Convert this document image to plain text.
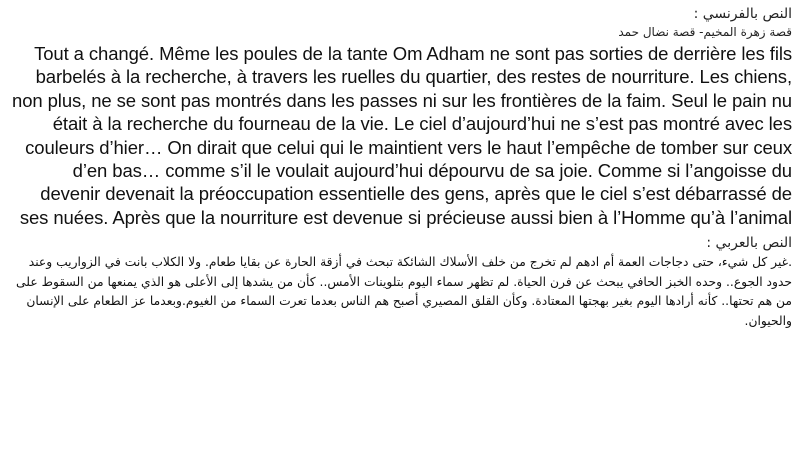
النص بالفرنسي :
قصة زهرة المخيم- قصة نضال حمد

Tout a changé. Même les poules de la tante Om Adham ne sont pas sorties de derrière les fils barbelés à la recherche, à travers les ruelles du quartier, des restes de nourriture. Les chiens, non plus, ne se sont pas montrés dans les passes ni sur les frontières de la faim. Seul le pain nu était à la recherche du fourneau de la vie. Le ciel d’aujourd’hui ne s’est pas montré avec les couleurs d’hier… On dirait que celui qui le maintient vers le haut l’empêche de tomber sur ceux d’en bas… comme s’il le voulait aujourd’hui dépourvu de sa joie. Comme si l’angoisse du devenir devenait la préoccupation essentielle des gens, après que le ciel s’est débarrassé de ses nuées. Après que la nourriture est devenue si précieuse aussi bien à l’Homme qu’à l’animal

النص بالعربي :

.غير كل شيء، حتى دجاجات العمة أم ادهم لم تخرج من خلف الأسلاك الشائكة تبحث في أزقة الحارة عن بقايا طعام. ولا الكلاب بانت في الزواريب وعند حدود الجوع.. وحده الخبز الحافي يبحث عن فرن الحياة. لم تظهر سماء اليوم بتلوينات الأمس.. كأن من يشدها إلى الأعلى هو الذي يمنعها من السقوط على من هم تحتها.. كأنه أرادها اليوم بغير بهجتها المعتادة. وكأن القلق المصيري أصبح هم الناس بعدما تعرت السماء من الغيوم.وبعدما عز الطعام على الإنسان والحيوان.
